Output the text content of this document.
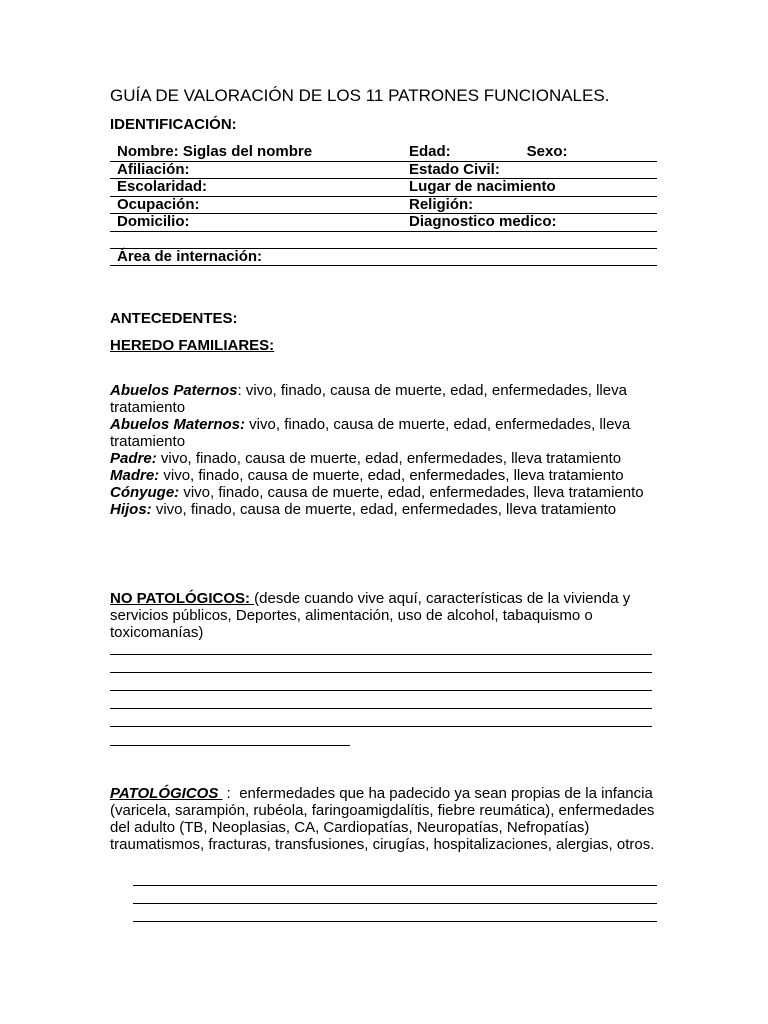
GUÍA DE VALORACIÓN DE LOS 11 PATRONES FUNCIONALES.
IDENTIFICACIÓN:
Nombre: Siglas del nombre	Edad: Sexo:
Afiliación:	Estado Civil:
Escolaridad:	Lugar de nacimiento
Ocupación:	Religión:
Domicilio:	Diagnostico medico:

Área de internación:	
ANTECEDENTES:
HEREDO FAMILIARES:
Abuelos Paternos: vivo, finado, causa de muerte, edad, enfermedades, lleva tratamiento
Abuelos Maternos: vivo, finado, causa de muerte, edad, enfermedades, lleva tratamiento
Padre: vivo, finado, causa de muerte, edad, enfermedades, lleva tratamiento
Madre: vivo, finado, causa de muerte, edad, enfermedades, lleva tratamiento
Cónyuge: vivo, finado, causa de muerte, edad, enfermedades, lleva tratamiento
Hijos: vivo, finado, causa de muerte, edad, enfermedades, lleva tratamiento
NO PATOLÓGICOS: (desde cuando vive aquí, características de la vivienda y servicios públicos, Deportes, alimentación, uso de alcohol, tabaquismo o toxicomanías)
PATOLÓGICOS  :  enfermedades que ha padecido ya sean propias de la infancia (varicela, sarampión, rubéola, faringoamigdalítis, fiebre reumática), enfermedades del adulto (TB, Neoplasias, CA, Cardiopatías, Neuropatías, Nefropatías) traumatismos, fracturas, transfusiones, cirugías, hospitalizaciones, alergias, otros.
